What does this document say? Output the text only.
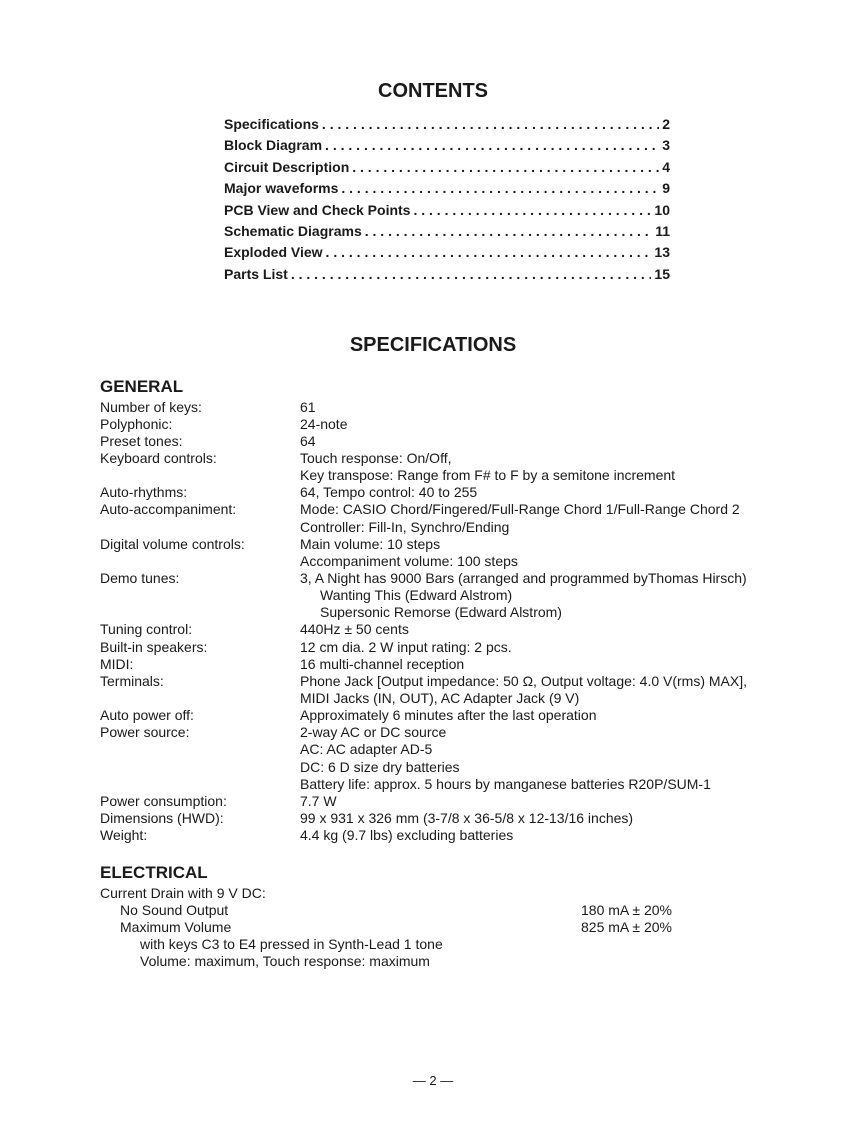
CONTENTS
Specifications . . .	2
Block Diagram . . .	3
Circuit Description . . .	4
Major waveforms . . .	9
PCB View and Check Points . . .	10
Schematic Diagrams . . .	11
Exploded View . . .	13
Parts List . . .	15
SPECIFICATIONS
GENERAL
Number of keys:	61
Polyphonic:	24-note
Preset tones:	64
Keyboard controls:	Touch response: On/Off,
Key transpose: Range from F# to F by a semitone increment
Auto-rhythms:	64, Tempo control: 40 to 255
Auto-accompaniment:	Mode: CASIO Chord/Fingered/Full-Range Chord 1/Full-Range Chord 2
Controller: Fill-In, Synchro/Ending
Digital volume controls:	Main volume: 10 steps
Accompaniment volume: 100 steps
Demo tunes:	3, A Night has 9000 Bars (arranged and programmed byThomas Hirsch)
Wanting This (Edward Alstrom)
Supersonic Remorse (Edward Alstrom)
Tuning control:	440Hz ± 50 cents
Built-in speakers:	12 cm dia. 2 W input rating: 2 pcs.
MIDI:	16 multi-channel reception
Terminals:	Phone Jack [Output impedance: 50 Ω, Output voltage: 4.0 V(rms) MAX],
MIDI Jacks (IN, OUT), AC Adapter Jack (9 V)
Auto power off:	Approximately 6 minutes after the last operation
Power source:	2-way AC or DC source
AC: AC adapter AD-5
DC: 6 D size dry batteries
Battery life: approx. 5 hours by manganese batteries R20P/SUM-1
Power consumption:	7.7 W
Dimensions (HWD):	99 x 931 x 326 mm (3-7/8 x 36-5/8 x 12-13/16 inches)
Weight:	4.4 kg (9.7 lbs) excluding batteries
ELECTRICAL
Current Drain with 9 V DC:
No Sound Output	180 mA ± 20%
Maximum Volume	825 mA ± 20%
with keys C3 to E4 pressed in Synth-Lead 1 tone
Volume: maximum, Touch response: maximum
— 2 —
